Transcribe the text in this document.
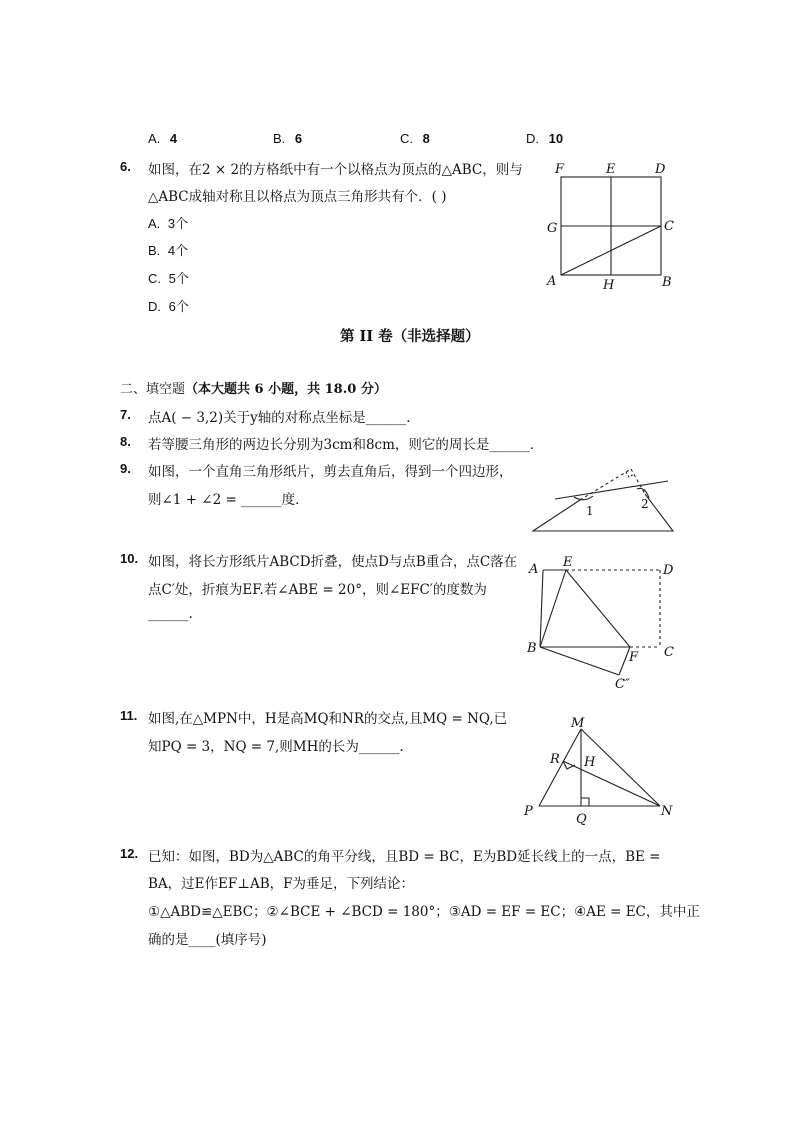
A. 4	B. 6	C. 8	D. 10
6. 如图，在2 × 2的方格纸中有一个以格点为顶点的△ABC，则与
△ABC成轴对称且以格点为顶点三角形共有个．( )
A. 3个
B. 4个
C. 5个
D. 6个
F	E	D
G	C
A	H	B
第 II 卷（非选择题）
二、填空题（本大题共 6 小题，共 18.0 分）
7. 点A( − 3,2)关于y轴的对称点坐标是______．
8. 若等腰三角形的两边长分别为3cm和8cm，则它的周长是______．
9. 如图，一个直角三角形纸片，剪去直角后，得到一个四边形，
则∠1 + ∠2 = ______度．
1	2
10. 如图，将长方形纸片ABCD折叠，使点D与点B重合，点C落在
点C′处，折痕为EF.若∠ABE = 20°，则∠EFC′的度数为
______.
A E
D
B
F C
C″
11. 如图,在△MPN中，H是高MQ和NR的交点,且MQ = NQ,已
知PQ = 3，NQ = 7,则MH的长为______.
M
R H
P
Q
N
12. 已知：如图，BD为△ABC的角平分线，且BD = BC，E为BD延长线上的一点，BE =
BA，过E作EF⊥AB，F为垂足，下列结论：
①△ABD≌△EBC；②∠BCE + ∠BCD = 180°；③AD = EF = EC；④AE = EC，其中正
确的是____(填序号)
